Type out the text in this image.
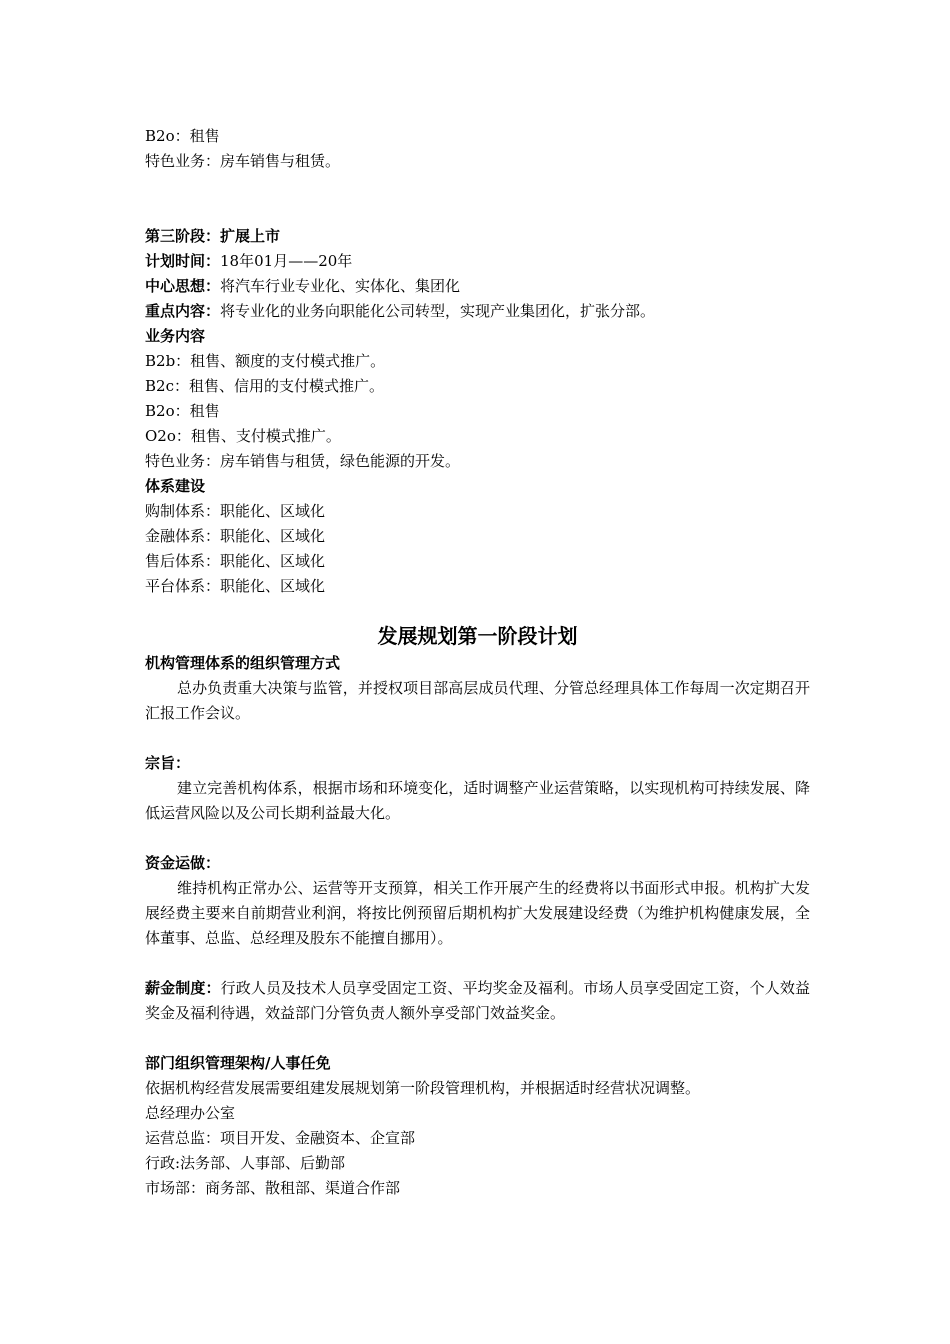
B2o：租售
特色业务：房车销售与租赁。
第三阶段：扩展上市
计划时间：18年01月——20年
中心思想：将汽车行业专业化、实体化、集团化
重点内容：将专业化的业务向职能化公司转型，实现产业集团化，扩张分部。
业务内容
B2b：租售、额度的支付模式推广。
B2c：租售、信用的支付模式推广。
B2o：租售
O2o：租售、支付模式推广。
特色业务：房车销售与租赁，绿色能源的开发。
体系建设
购制体系：职能化、区域化
金融体系：职能化、区域化
售后体系：职能化、区域化
平台体系：职能化、区域化
发展规划第一阶段计划
机构管理体系的组织管理方式
总办负责重大决策与监管，并授权项目部高层成员代理、分管总经理具体工作每周一次定期召开汇报工作会议。
宗旨：
建立完善机构体系，根据市场和环境变化，适时调整产业运营策略，以实现机构可持续发展、降低运营风险以及公司长期利益最大化。
资金运做：
维持机构正常办公、运营等开支预算，相关工作开展产生的经费将以书面形式申报。机构扩大发展经费主要来自前期营业利润，将按比例预留后期机构扩大发展建设经费（为维护机构健康发展，全体董事、总监、总经理及股东不能擅自挪用）。
薪金制度：行政人员及技术人员享受固定工资、平均奖金及福利。市场人员享受固定工资，个人效益奖金及福利待遇，效益部门分管负责人额外享受部门效益奖金。
部门组织管理架构/人事任免
依据机构经营发展需要组建发展规划第一阶段管理机构，并根据适时经营状况调整。
总经理办公室
运营总监：项目开发、金融资本、企宣部
行政:法务部、人事部、后勤部
市场部：商务部、散租部、渠道合作部
